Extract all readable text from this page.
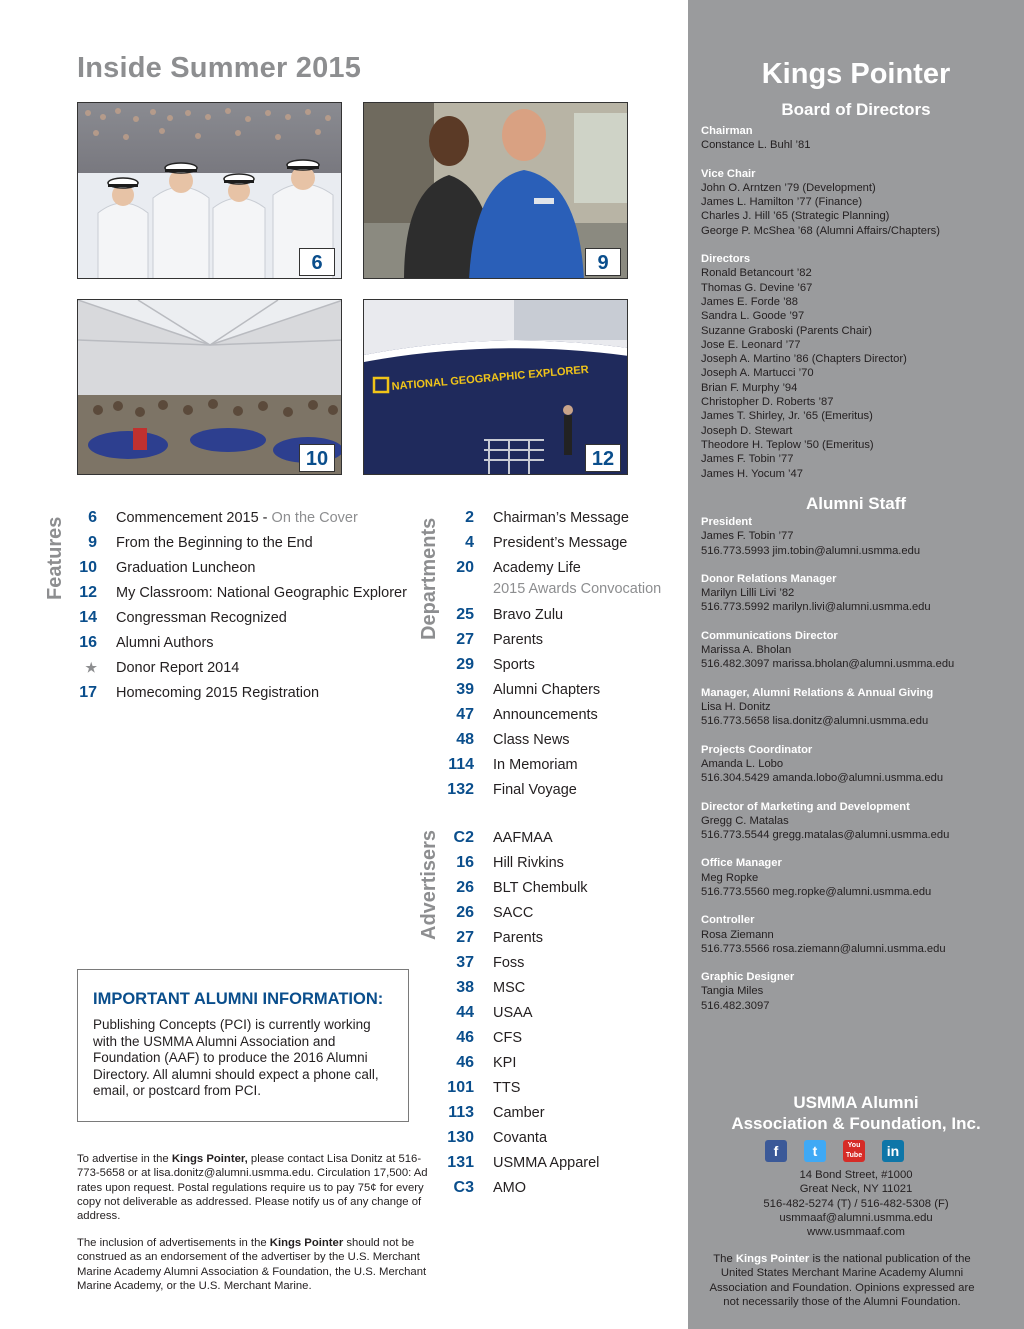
Inside Summer 2015
6	9
10
NATIONAL GEOGRAPHIC EXPLORER
12
Features	6 Commencement 2015 - On the Cover
9 From the Beginning to the End
10 Graduation Luncheon
12 My Classroom: National Geographic Explorer
14 Congressman Recognized
16 Alumni Authors
★ Donor Report 2014
17 Homecoming 2015 Registration
Departments
2 Chairman’s Message
4 President’s Message
20 Academy Life
2015 Awards Convocation
25 Bravo Zulu
27 Parents
29 Sports
39 Alumni Chapters
47 Announcements
48 Class News
114 In Memoriam
132 Final Voyage
Advertisers C2 AAFMAA
16 Hill Rivkins
26 BLT Chembulk
26 SACC
27 Parents
37 Foss
38 MSC
44 USAA
46 CFS
46 KPI
101 TTS
113 Camber
130 Covanta
131 USMMA Apparel
C3 AMO
IMPORTANT ALUMNI INFORMATION:

Publishing Concepts (PCI) is currently working with the USMMA Alumni Association and Foundation (AAF) to produce the 2016 Alumni Directory. All alumni should expect a phone call, email, or postcard from PCI.

To advertise in the Kings Pointer, please contact Lisa Donitz at 516-773-5658 or at lisa.donitz@alumni.usmma.edu. Circulation 17,500: Ad rates upon request. Postal regulations require us to pay 75¢ for every copy not deliverable as addressed. Please notify us of any change of address.
The inclusion of advertisements in the Kings Pointer should not be construed as an endorsement of the advertiser by the U.S. Merchant Marine Academy Alumni Association & Foundation, the U.S. Merchant Marine Academy, or the U.S. Merchant Marine.
Kings Pointer
Board of Directors
Chairman
Constance L. Buhl ’81
Vice Chair
John O. Arntzen ’79 (Development)
James L. Hamilton ’77 (Finance)
Charles J. Hill ’65 (Strategic Planning)
George P. McShea ’68 (Alumni Affairs/Chapters)
Directors
Ronald Betancourt ’82
Thomas G. Devine ’67
James E. Forde ’88
Sandra L. Goode ’97
Suzanne Graboski (Parents Chair)
Jose E. Leonard ’77
Joseph A. Martino ’86 (Chapters Director)
Joseph A. Martucci ’70
Brian F. Murphy ’94
Christopher D. Roberts ’87
James T. Shirley, Jr. ’65 (Emeritus)
Joseph D. Stewart
Theodore H. Teplow ’50 (Emeritus)
James F. Tobin ’77
James H. Yocum ’47
Alumni Staff
President
James F. Tobin ’77
516.773.5993 jim.tobin@alumni.usmma.edu
Donor Relations Manager
Marilyn Lilli Livi ’82
516.773.5992 marilyn.livi@alumni.usmma.edu
Communications Director
Marissa A. Bholan
516.482.3097 marissa.bholan@alumni.usmma.edu
Manager, Alumni Relations & Annual Giving
Lisa H. Donitz
516.773.5658 lisa.donitz@alumni.usmma.edu
Projects Coordinator
Amanda L. Lobo
516.304.5429 amanda.lobo@alumni.usmma.edu
Director of Marketing and Development
Gregg C. Matalas
516.773.5544 gregg.matalas@alumni.usmma.edu
Office Manager
Meg Ropke
516.773.5560 meg.ropke@alumni.usmma.edu
Controller
Rosa Ziemann
516.773.5566 rosa.ziemann@alumni.usmma.edu
Graphic Designer
Tangia Miles
516.482.3097
USMMA Alumni
Association & Foundation, Inc.
f	t	You Tube	in
14 Bond Street, #1000
Great Neck, NY 11021
516-482-5274 (T) / 516-482-5308 (F)
usmmaaf@alumni.usmma.edu
www.usmmaaf.com
The Kings Pointer is the national publication of the United States Merchant Marine Academy Alumni Association and Foundation. Opinions expressed are not necessarily those of the Alumni Foundation.
